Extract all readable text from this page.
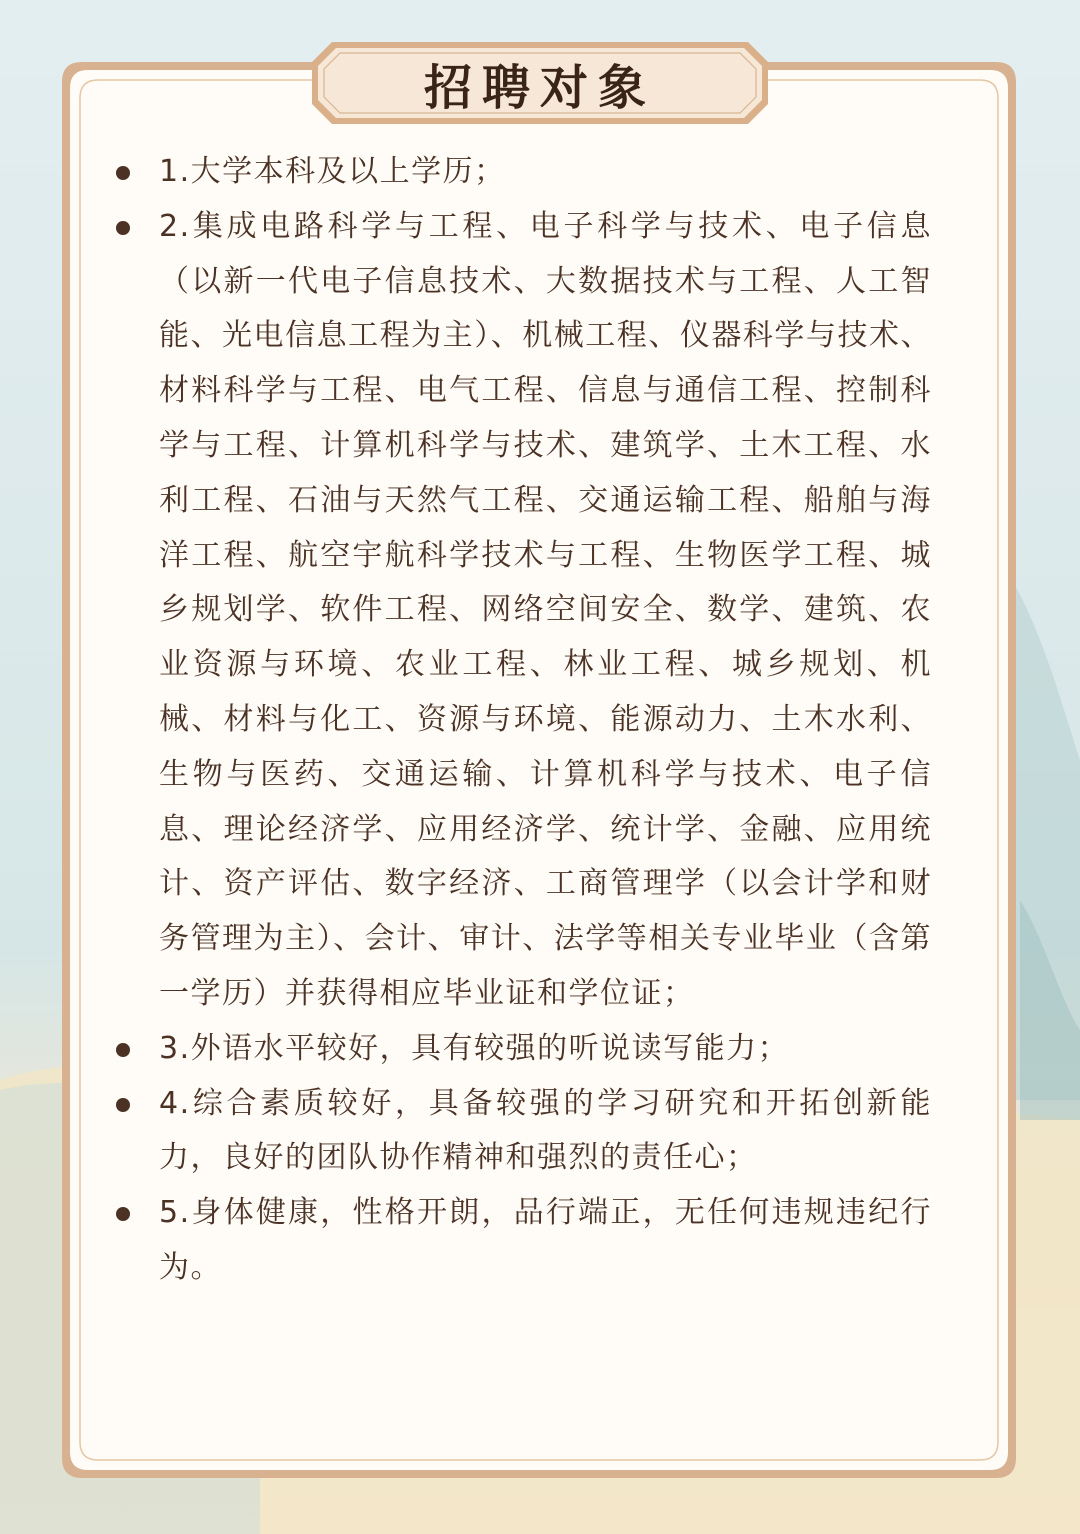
招聘对象
1.大学本科及以上学历；
2.集成电路科学与工程、电子科学与技术、电子信息（以新一代电子信息技术、大数据技术与工程、人工智能、光电信息工程为主）、机械工程、仪器科学与技术、材料科学与工程、电气工程、信息与通信工程、控制科学与工程、计算机科学与技术、建筑学、土木工程、水利工程、石油与天然气工程、交通运输工程、船舶与海洋工程、航空宇航科学技术与工程、生物医学工程、城乡规划学、软件工程、网络空间安全、数学、建筑、农业资源与环境、农业工程、林业工程、城乡规划、机械、材料与化工、资源与环境、能源动力、土木水利、生物与医药、交通运输、计算机科学与技术、电子信息、理论经济学、应用经济学、统计学、金融、应用统计、资产评估、数字经济、工商管理学（以会计学和财务管理为主）、会计、审计、法学等相关专业毕业（含第一学历）并获得相应毕业证和学位证；
3.外语水平较好，具有较强的听说读写能力；
4.综合素质较好，具备较强的学习研究和开拓创新能力，良好的团队协作精神和强烈的责任心；
5.身体健康，性格开朗，品行端正，无任何违规违纪行为。
